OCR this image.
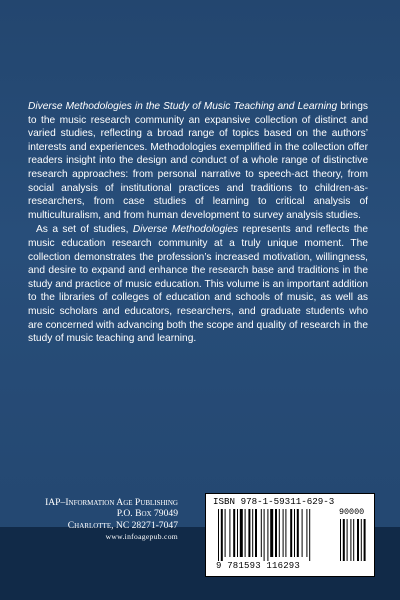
Diverse Methodologies in the Study of Music Teaching and Learning brings to the music research community an expansive collection of distinct and varied studies, reflecting a broad range of topics based on the authors’ interests and experiences. Methodologies exemplified in the collection offer readers insight into the design and conduct of a whole range of distinctive research approaches: from personal narrative to speech-act theory, from social analysis of institutional practices and traditions to children-as-researchers, from case studies of learning to critical analysis of multiculturalism, and from human development to survey analysis studies.

As a set of studies, Diverse Methodologies represents and reflects the music education research community at a truly unique moment. The collection demonstrates the profession’s increased motivation, willingness, and desire to expand and enhance the research base and traditions in the study and practice of music education. This volume is an important addition to the libraries of colleges of education and schools of music, as well as music scholars and educators, researchers, and graduate students who are concerned with advancing both the scope and quality of research in the study of music teaching and learning.

IAP–Information Age Publishing
P.O. Box 79049
Charlotte, NC 28271-7047
www.infoagepub.com
ISBN 978-1-59311-629-3
90000
9 781593 116293
